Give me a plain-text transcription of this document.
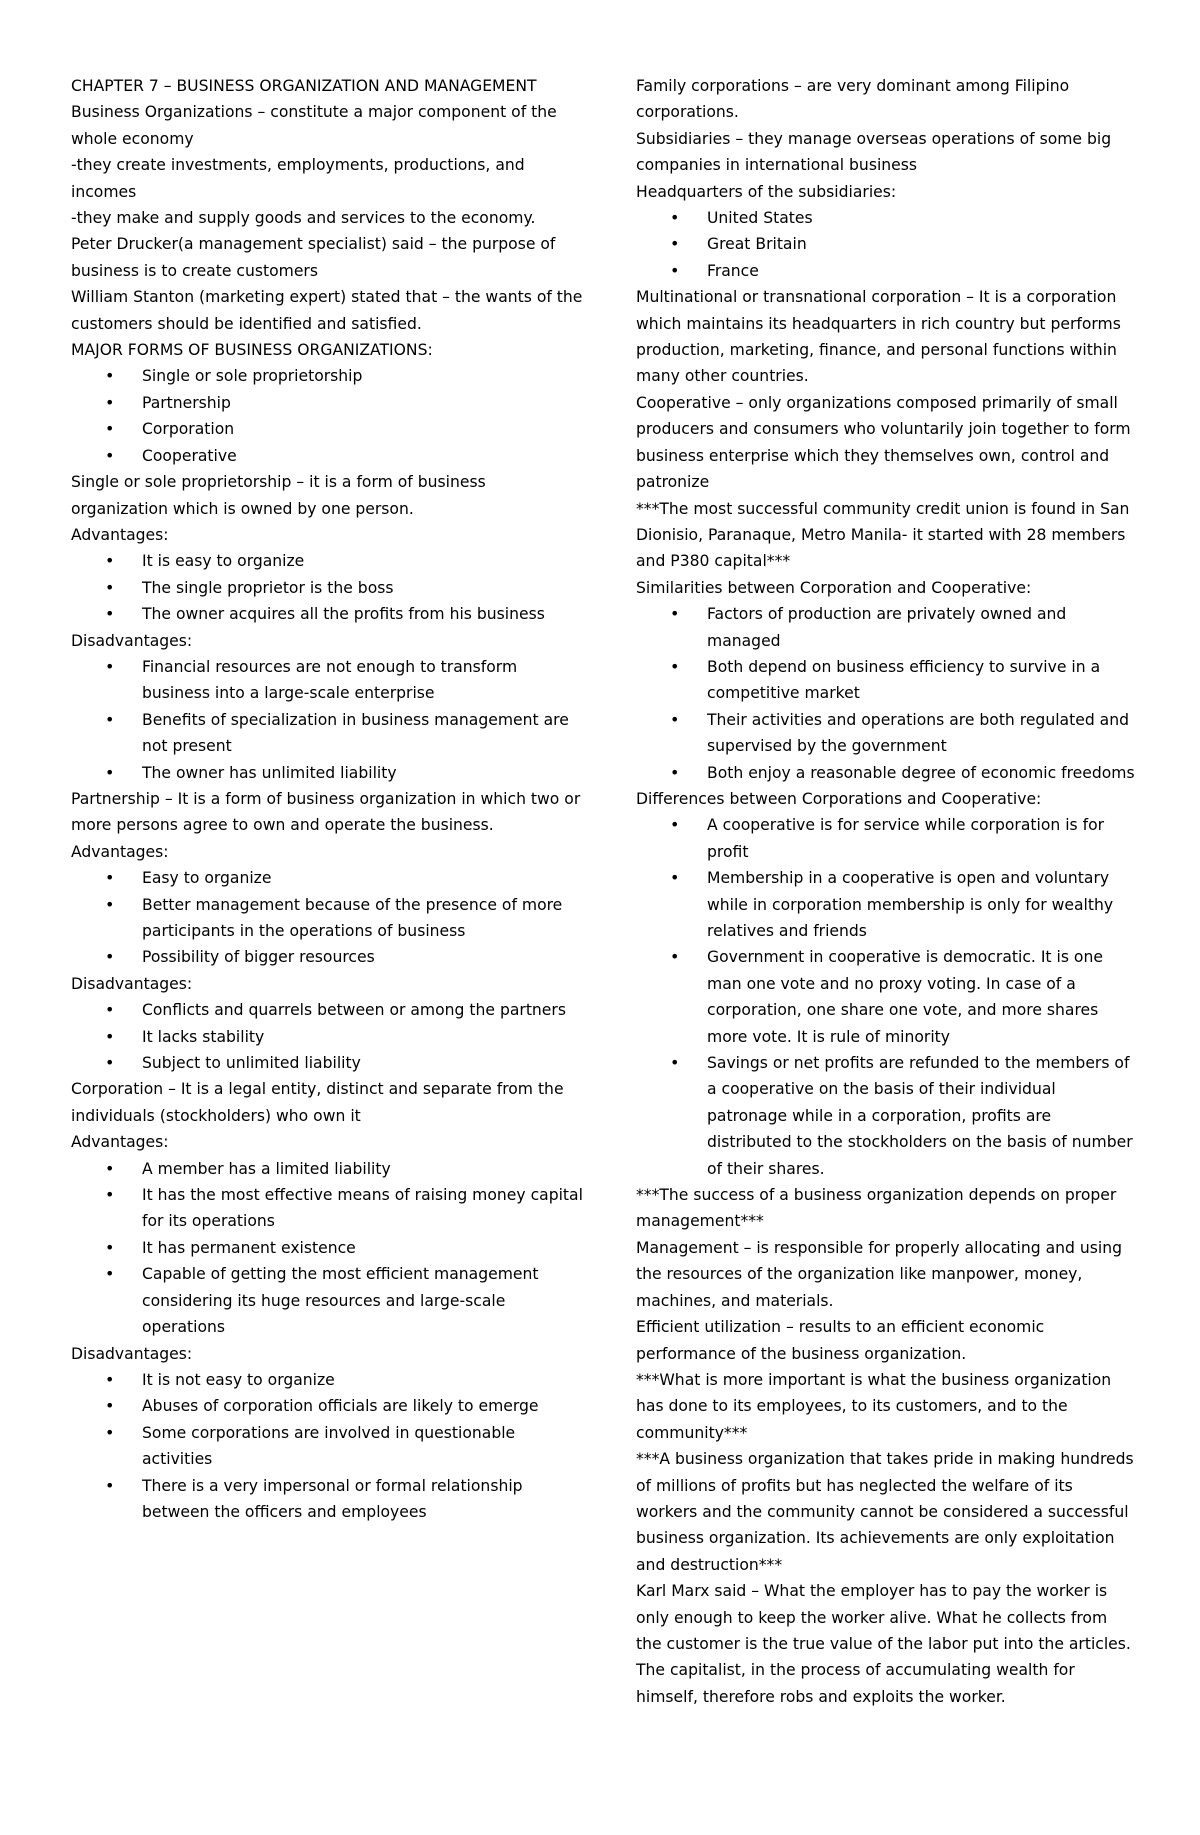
CHAPTER 7 – BUSINESS ORGANIZATION AND MANAGEMENT
Business Organizations – constitute a major component of the whole economy
-they create investments, employments, productions, and incomes
-they make and supply goods and services to the economy.
Peter Drucker(a management specialist) said – the purpose of business is to create customers
William Stanton (marketing expert) stated that – the wants of the customers should be identified and satisfied.
MAJOR FORMS OF BUSINESS ORGANIZATIONS:
• Single or sole proprietorship
• Partnership
• Corporation
• Cooperative
Single or sole proprietorship – it is a form of business organization which is owned by one person.
Advantages:
• It is easy to organize
• The single proprietor is the boss
• The owner acquires all the profits from his business
Disadvantages:
• Financial resources are not enough to transform business into a large-scale enterprise
• Benefits of specialization in business management are not present
• The owner has unlimited liability
Partnership – It is a form of business organization in which two or more persons agree to own and operate the business.
Advantages:
• Easy to organize
• Better management because of the presence of more participants in the operations of business
• Possibility of bigger resources
Disadvantages:
• Conflicts and quarrels between or among the partners
• It lacks stability
• Subject to unlimited liability
Corporation – It is a legal entity, distinct and separate from the individuals (stockholders) who own it
Advantages:
• A member has a limited liability
• It has the most effective means of raising money capital for its operations
• It has permanent existence
• Capable of getting the most efficient management considering its huge resources and large-scale operations
Disadvantages:
• It is not easy to organize
• Abuses of corporation officials are likely to emerge
• Some corporations are involved in questionable activities
• There is a very impersonal or formal relationship between the officers and employees
Family corporations – are very dominant among Filipino corporations.
Subsidiaries – they manage overseas operations of some big companies in international business
Headquarters of the subsidiaries:
• United States
• Great Britain
• France
Multinational or transnational corporation – It is a corporation which maintains its headquarters in rich country but performs production, marketing, finance, and personal functions within many other countries.
Cooperative – only organizations composed primarily of small producers and consumers who voluntarily join together to form business enterprise which they themselves own, control and patronize
***The most successful community credit union is found in San Dionisio, Paranaque, Metro Manila- it started with 28 members and P380 capital***
Similarities between Corporation and Cooperative:
• Factors of production are privately owned and managed
• Both depend on business efficiency to survive in a competitive market
• Their activities and operations are both regulated and supervised by the government
• Both enjoy a reasonable degree of economic freedoms
Differences between Corporations and Cooperative:
• A cooperative is for service while corporation is for profit
• Membership in a cooperative is open and voluntary while in corporation membership is only for wealthy relatives and friends
• Government in cooperative is democratic. It is one man one vote and no proxy voting. In case of a corporation, one share one vote, and more shares more vote. It is rule of minority
• Savings or net profits are refunded to the members of a cooperative on the basis of their individual patronage while in a corporation, profits are distributed to the stockholders on the basis of number of their shares.
***The success of a business organization depends on proper management***
Management – is responsible for properly allocating and using the resources of the organization like manpower, money, machines, and materials.
Efficient utilization – results to an efficient economic performance of the business organization.
***What is more important is what the business organization has done to its employees, to its customers, and to the community***
***A business organization that takes pride in making hundreds of millions of profits but has neglected the welfare of its workers and the community cannot be considered a successful business organization. Its achievements are only exploitation and destruction***
Karl Marx said – What the employer has to pay the worker is only enough to keep the worker alive. What he collects from the customer is the true value of the labor put into the articles. The capitalist, in the process of accumulating wealth for himself, therefore robs and exploits the worker.
